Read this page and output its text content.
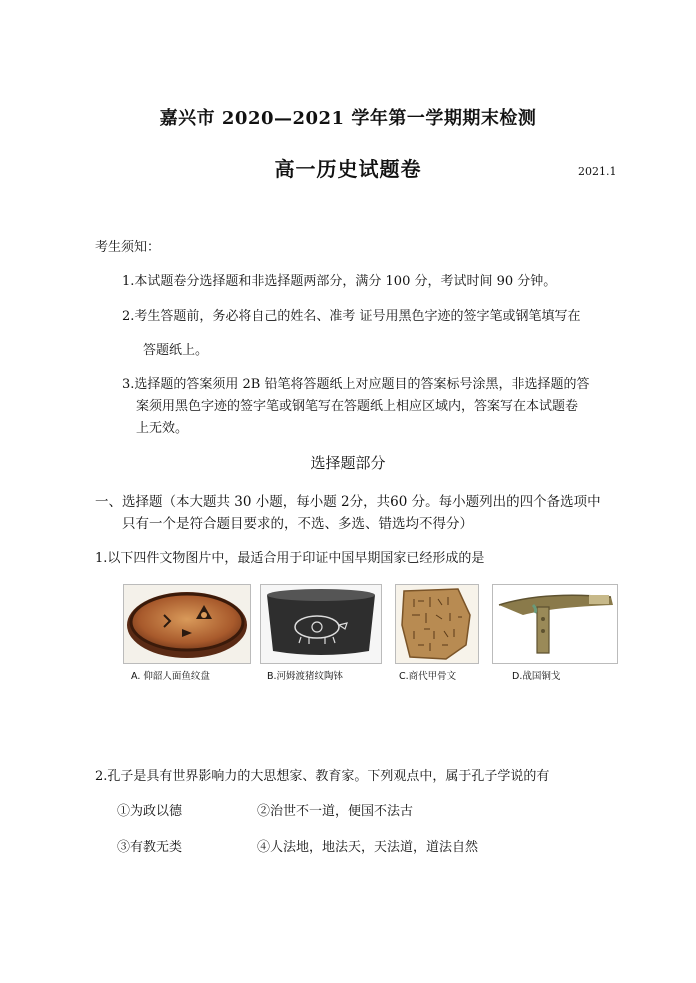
嘉兴市 2020—2021 学年第一学期期末检测
高一历史试题卷	2021.1
考生须知：
1.本试题卷分选择题和非选择题两部分，满分 100 分，考试时间 90 分钟。
2.考生答题前，务必将自己的姓名、准考 证号用黑色字迹的签字笔或钢笔填写在
答题纸上。
3.选择题的答案须用 2B 铅笔将答题纸上对应题目的答案标号涂黑，非选择题的答
案须用黑色字迹的签字笔或钢笔写在答题纸上相应区域内，答案写在本试题卷
上无效。
选择题部分
一、选择题（本大题共 30 小题，每小题 2分，共60 分。每小题列出的四个备选项中
只有一个是符合题目要求的，不选、多选、错选均不得分）
1.以下四件文物图片中，最适合用于印证中国早期国家已经形成的是
A. 仰韶人面鱼纹盘	B.河姆渡猪纹陶钵	C.商代甲骨文	D.战国铜戈
2.孔子是具有世界影响力的大思想家、教育家。下列观点中，属于孔子学说的有
①为政以德	②治世不一道，便国不法古
③有教无类	④人法地，地法天，天法道，道法自然
